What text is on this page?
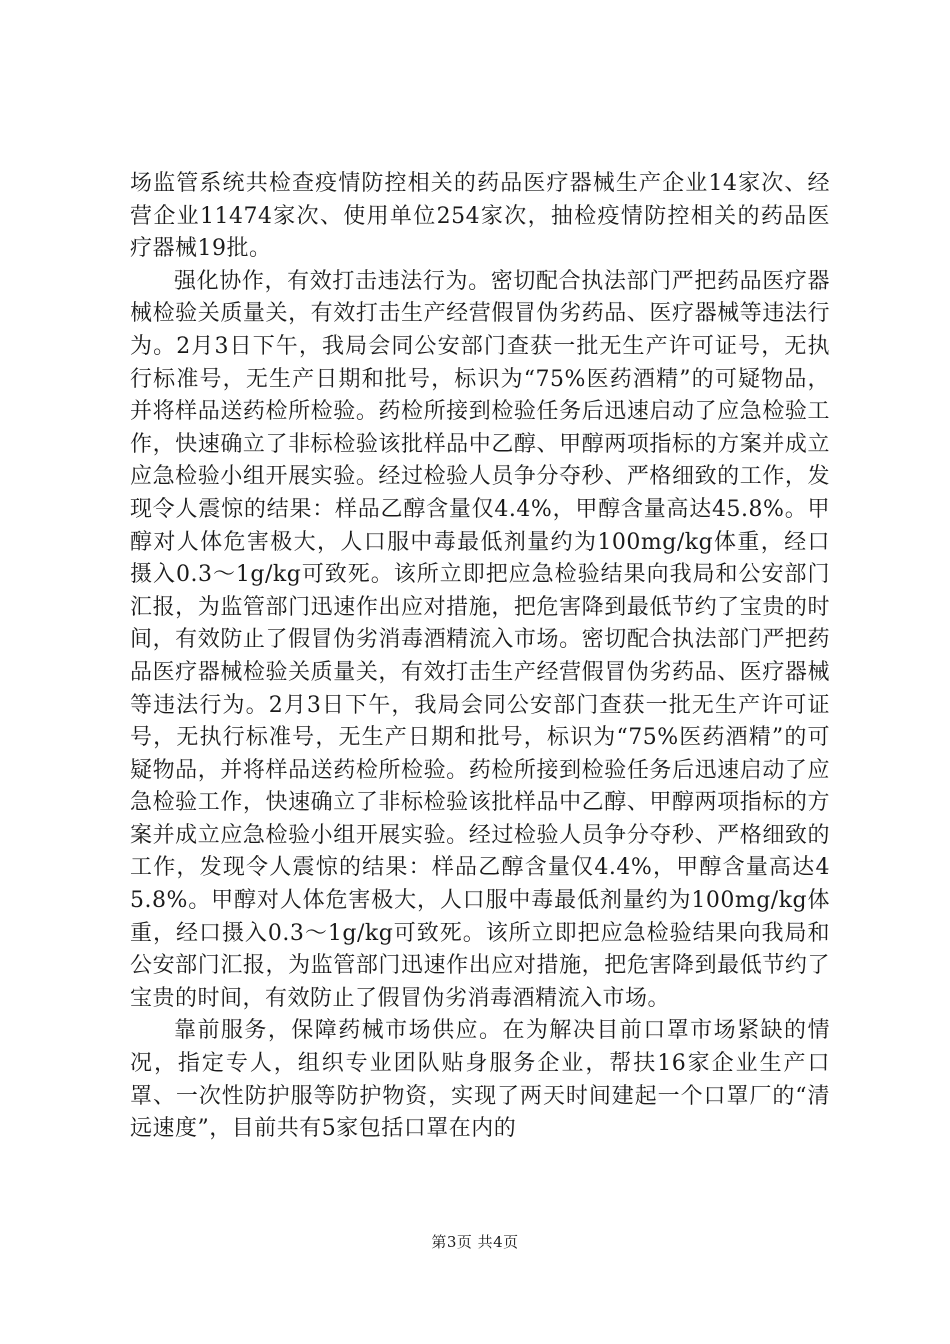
场监管系统共检查疫情防控相关的药品医疗器械生产企业14家次、经营企业11474家次、使用单位254家次，抽检疫情防控相关的药品医疗器械19批。

强化协作，有效打击违法行为。密切配合执法部门严把药品医疗器械检验关质量关，有效打击生产经营假冒伪劣药品、医疗器械等违法行为。2月3日下午，我局会同公安部门查获一批无生产许可证号，无执行标准号，无生产日期和批号，标识为“75%医药酒精”的可疑物品，并将样品送药检所检验。药检所接到检验任务后迅速启动了应急检验工作，快速确立了非标检验该批样品中乙醇、甲醇两项指标的方案并成立应急检验小组开展实验。经过检验人员争分夺秒、严格细致的工作，发现令人震惊的结果：样品乙醇含量仅4.4%，甲醇含量高达45.8%。甲醇对人体危害极大，人口服中毒最低剂量约为100mg/kg体重，经口摄入0.3～1g/kg可致死。该所立即把应急检验结果向我局和公安部门汇报，为监管部门迅速作出应对措施，把危害降到最低节约了宝贵的时间，有效防止了假冒伪劣消毒酒精流入市场。密切配合执法部门严把药品医疗器械检验关质量关，有效打击生产经营假冒伪劣药品、医疗器械等违法行为。2月3日下午，我局会同公安部门查获一批无生产许可证号，无执行标准号，无生产日期和批号，标识为“75%医药酒精”的可疑物品，并将样品送药检所检验。药检所接到检验任务后迅速启动了应急检验工作，快速确立了非标检验该批样品中乙醇、甲醇两项指标的方案并成立应急检验小组开展实验。经过检验人员争分夺秒、严格细致的工作，发现令人震惊的结果：样品乙醇含量仅4.4%，甲醇含量高达45.8%。甲醇对人体危害极大，人口服中毒最低剂量约为100mg/kg体重，经口摄入0.3～1g/kg可致死。该所立即把应急检验结果向我局和公安部门汇报，为监管部门迅速作出应对措施，把危害降到最低节约了宝贵的时间，有效防止了假冒伪劣消毒酒精流入市场。

靠前服务，保障药械市场供应。在为解决目前口罩市场紧缺的情况，指定专人，组织专业团队贴身服务企业，帮扶16家企业生产口罩、一次性防护服等防护物资，实现了两天时间建起一个口罩厂的“清远速度”，目前共有5家包括口罩在内的

第3页 共4页
